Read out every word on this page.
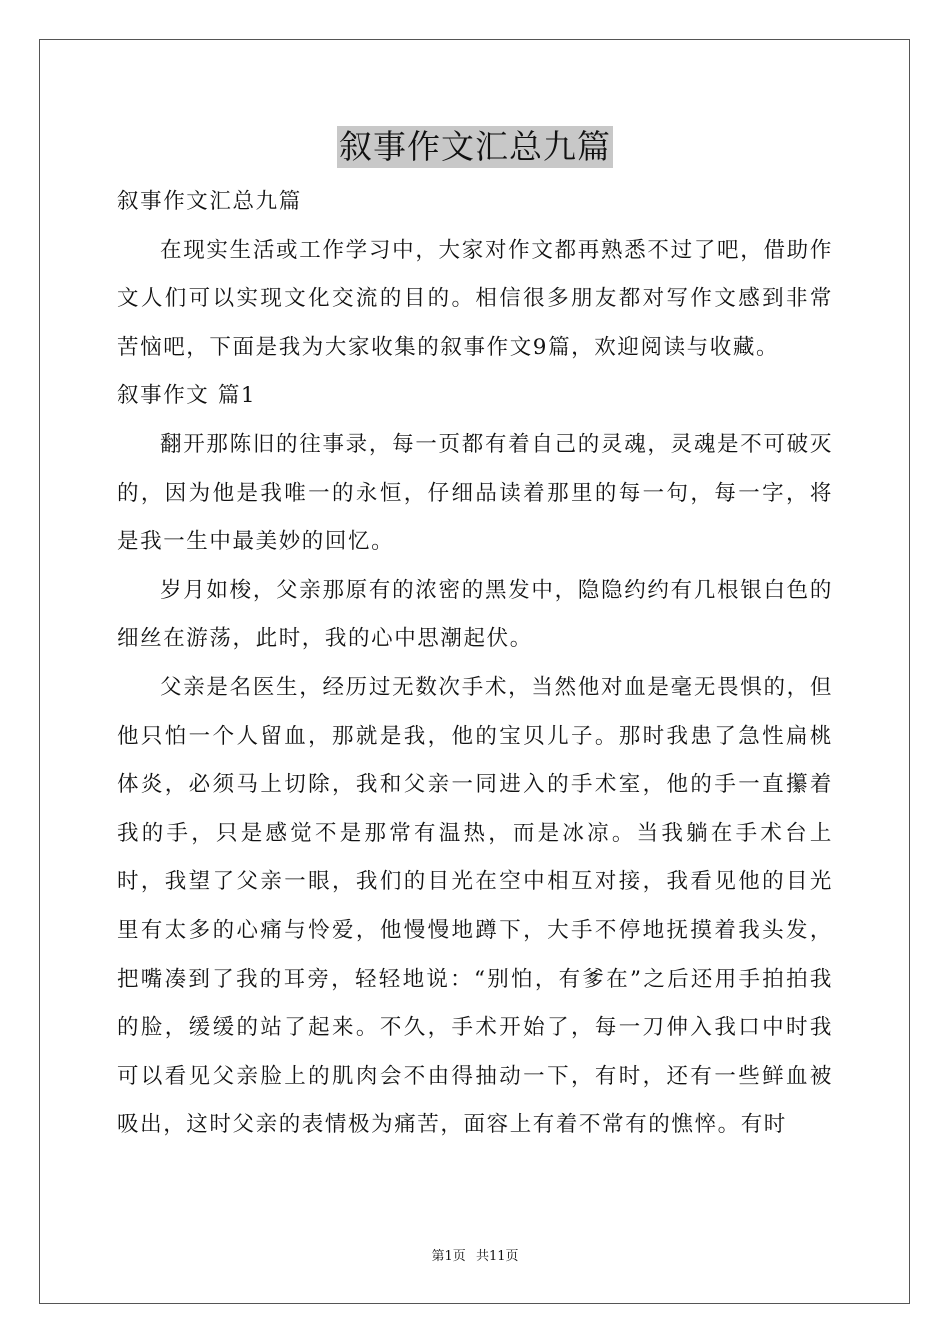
叙事作文汇总九篇

叙事作文汇总九篇

在现实生活或工作学习中，大家对作文都再熟悉不过了吧，借助作文人们可以实现文化交流的目的。相信很多朋友都对写作文感到非常苦恼吧，下面是我为大家收集的叙事作文9篇，欢迎阅读与收藏。

叙事作文 篇1

翻开那陈旧的往事录，每一页都有着自己的灵魂，灵魂是不可破灭的，因为他是我唯一的永恒，仔细品读着那里的每一句，每一字，将是我一生中最美妙的回忆。

岁月如梭，父亲那原有的浓密的黑发中，隐隐约约有几根银白色的细丝在游荡，此时，我的心中思潮起伏。

父亲是名医生，经历过无数次手术，当然他对血是毫无畏惧的，但他只怕一个人留血，那就是我，他的宝贝儿子。那时我患了急性扁桃体炎，必须马上切除，我和父亲一同进入的手术室，他的手一直攥着我的手，只是感觉不是那常有温热，而是冰凉。当我躺在手术台上时，我望了父亲一眼，我们的目光在空中相互对接，我看见他的目光里有太多的心痛与怜爱，他慢慢地蹲下，大手不停地抚摸着我头发，把嘴凑到了我的耳旁，轻轻地说：“别怕，有爹在”之后还用手拍拍我的脸，缓缓的站了起来。不久，手术开始了，每一刀伸入我口中时我可以看见父亲脸上的肌肉会不由得抽动一下，有时，还有一些鲜血被吸出，这时父亲的表情极为痛苦，面容上有着不常有的憔悴。有时

第1页 共11页
